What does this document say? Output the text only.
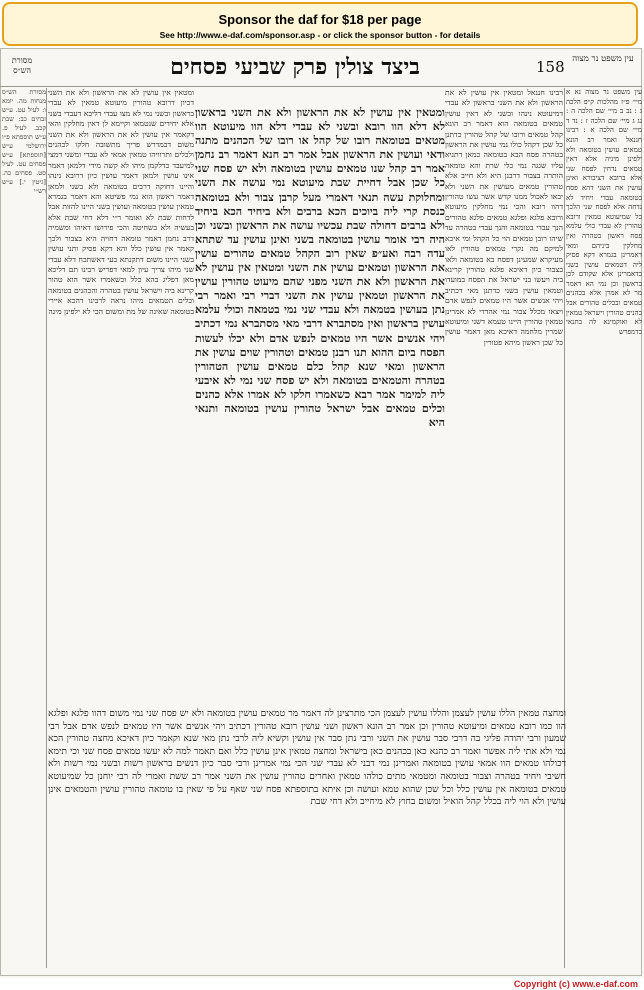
Sponsor the daf for $18 per page
See http://www.e-daf.com/sponsor.asp - or click the sponsor button - for details
מסורת הש״ס	ביצד צולין פרק שביעי פסחים	158 עין משפט נר מצוה
מסורת הש״ס מנחות מה. יומא ו: לעיל עט. ע״ש זבחים כב: שבת קכב. לעיל פ. ע״ש תוספתא פ״ו ירושלמי ע״ש [תוספתא] ע״ש פסחים עט. לעיל סט. פסחים כה. [גיטין י.] ע״ש רש״י
ומטאין אין עושין לא את הראשון ולא את השני דכיון דרובא טהורין מיעוטא טמאין לא עבדי בראשון ובשני נמי לא מצו עבדי דליכא דעבדי בשני אלא יחידים שנטמאו וקיימא לן דאין מחלקין והאי דקאמר אין עושין לא את הראשון ולא את השני משום דבמדרש פריך מתשובה חלקו לכהנים ולכלים ותרוויהו טמאין אמאי לא עבדי ומשני דמצי למיעבד כדלקמן מיהו לא קשה מידי דלמאן דאמר אינו עושין ולמאן דאמר עושין כיון דרובא נינהו והיינו דחוקה דרבים בטומאה ולא בשני ולמאן דאמר ראשון הוא נמי פשיטא והא דאמר בגמרא טמאין עושין בטומאה ועושין בשני היינו להזות אבל לדחות שבת לא ואומר ר״י דלא דחי שבת אלא בעשיה ולא בשחיטה והכי פירושו דאיהו ומשמיה דרב נחמן דאמר טומאה דחויה היא בצבור ולכך קאמר אין עושין כלל והא דקא פסיק ותני עושין בשני היינו משום דתקנתא בעי דאשתכח דלא עבדי שני מיהו צריך עיון למאי דפריש רבינו תם דליכא מאן דפליג בהא כלל וכשאמרו אשר הוא טהור קרינא ביה וישראל עושין בטהרה והכהנים בטומאה וכלים הטמאים מיהו נראה לרבינו דהכא איירי בטומאה שאינה של מת ומשום הכי לא ילפינן מינה
ומטאין אין עושין לא את הראשון ולא את השני בראשון לא דלא הוו רובא ובשני לא עבדי דלא הוו מיעוטא הוו מטאים בטומאה רובו של קהל או רובו של הכהנים מתנה ודאי ועושין את הראשון אבל אמר רב חנא דאמר רב נחמן אמר רב קהל שנו טמאים עושין בטומאה ולא יש פסח שני כל שכן אבל דחיית שבת מיעוטא נמי עושה את השני ומחלוקת עשה תנאי דאמרי מעל קרבן צבור ולא בטומאה כנסת קרי ליה ביוכים הכא ברבים ולא ביחיד הכא ביחיד ולא ברבים דחולה שבת עכשיו עושה את הראשון ובשני וכן היה רבי אומר עושין בטומאה בשני ואינן עושין עד שתהא עדה רבה ואע״פ שאין רוב הקהל טמאים טהורים עושין את הראשון וטמאים עושין את השני ומטאין אין עושין לא את הראשון ולא את השני מפני שהם מיעוט טהורין עושין את הראשון וטמאין עושין את השני דברי רבי ואמר רבי נתן בעושין בטמאה ולא עבדי שני נמי בטמאה וכולי עלמא עושין בראשון ואין מסתברא דרבי מאי מסתברא נמי דכתיב ויהי אנשים אשר היו טמאים לנפש אדם ולא יכלו לעשות הפסח ביום ההוא תנו רבנן טמאים וטהורין שוים עושין את הראשון ומאי שנא קהל כלם טמאים עושין הטהורין בטהרה והטמאים בטומאה ולא יש פסח שני נמי לא איבעי ליה למימר אמר רבא כשאמרו חלקו לא אמרו אלא כהנים וכלים טמאים אבל ישראל טהורין עושין בטומאה ותנאי היא
רבינו חננאל ומטאין אין עושין לא את הראשון ולא את השני בראשון לא עבדי דמיעוטא נינהו ובשני לא דאין עושין טמאים בטומאה הוא דאמר רב הונא קהל טמאים ורובו של קהל טהורין כדתנן כל שכן דקהל כולו נמי עושין את הראשון בטהרה פסח הבא בטומאה כמאן דתניא עליו שגגה נמי כלי שרת והא טומאה הותרה בצבור דרבנן היא ולא חייב אלא טהורין טמאים מעושין את השני ולא יבאו לאכול ממנו קדש אשר עשו טהורין דהוו רובא והכי נמי מחלקין מיעוטא ורובא פלגא ופלגא טמאים פלגא טהורים הנך עבדי בטומאה והנך עבדי בטהרה עד שיהו רובן טמאים הוי כל הקהל ומי איכא למיקם מה נקרי טמאים טהורין לאו מעיקרא שמעינן דפסח בא בטומאה ולאו בצבור כיון דאיכא פלגא טהורין קרינא ביה ויעשו בני ישראל את הפסח במועדו וטמאין עושין בשני כדתנן מאי דכתיב ויהי אנשים אשר היו טמאים לנפש אדם ויצאו מכלל צבור נמי אהדדי לא אמרינן טמאין טהורין היינו טעמא דשני ומיעוטא שמרין מלחמה דאיכא מאן דאמר עושין כל שכן ראשון מיהא פטורין
עין משפט נר מצוה נא א מיי׳ פ״ז מהלכות ק״פ הלכה ג : נב ב מיי׳ שם הלכה ה : נג ג מיי׳ שם הלכה ז : נד ד מיי׳ שם הלכה א : רבינו חננאל ואמר רב הונא טמאים עושין בטומאה ולא ילפינן מיניה אלא דאין טמאים נדחין לפסח שני אלא ברובא דציבורא ואינן עושין את השני דהא פסח בטומאה עבדי ויחיד לא נדחה אלא לפסח שני הלכך כל שמיעוטא טמאין ורובא טהורין לא עבדי כולי עלמא פסח ראשון בטהרה ואין מחלקין ביניהם ומאי דאמרינן בגמרא דקא פסיק ליה דטמאים עושין בשני כדאמרינן אלא שקודם לכן בראשון וכן נמי הא דאמר מר לא אמרן אלא בכהנים טמאים ובכלים טהורים אבל כהנים טהורין וישראל טמאין לא ואוקמינא לה בתנאי כדמפרש
ומחצה טמאין הללו עושין לעצמן והללו עושין לעצמן הכי מתרצינן לה דאמר מר טמאים עושין בטומאה ולא יש פסח שני נמי משום דהוו פלגא ופלגא הוו כמו רובא טמאים ומיעוטא טהורין וכן אמר רב הונא ראשון ושני עושין רובא טהורין דכתיב ויהי אנשים אשר היו טמאים לנפש אדם אבל רבי שמעון ורבי יהודה פליגי בה דרבי סבר עושין את השני ורבי נתן סבר אין עושין וקשיא ליה לרבי נתן מאי שנא וקאמר כיון דאיכא מחצה טהורין הכא נמי ולא אתי ליה אפשר ואמר רב כהנא כאן בכהנים כאן בישראל ומחצה טמאין אינן עושין כלל ואם תאמר למה לא יעשו טמאים פסח שני וכי תימא דכולהו טמאים הוו אמאי עושין בטומאה ואמרינן נמי דבני לא עבדי שני הכי נמי אמרינן ורבי סבר כיון דנשים בראשון רשות ובשני נמי רשות ולא חשיבי ויחיד בטהרה וצבור בטומאה ומטמאי מתים כולהו טמאין ואחרים טהורין עושין את השני אמר רב ששת ואמרי לה רבי יוחנן כל שמיעוטא טמאים בטומאה אין עושין כלל וכל שכן שהוא טמא ועושה וכן איתא בתוספתא פסח שני שאף על פי שאין בו טומאה טהורין עושין והטמאים אינן עושין ולא הוי ליה בכלל קהל הואיל ומשום בחוץ לא מיחייב ולא דחי שבת
Copyright (c) www.e-daf.com
